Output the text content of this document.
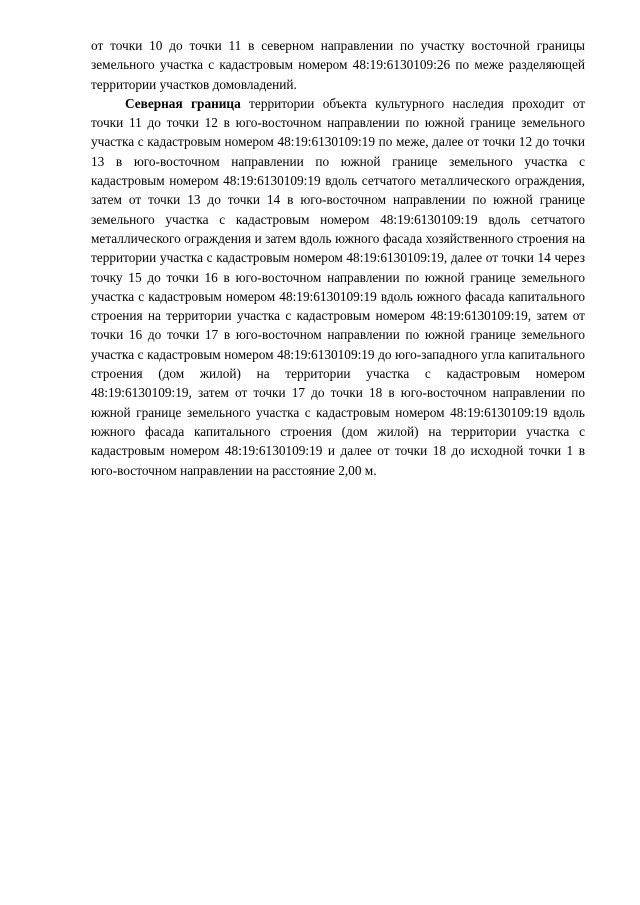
от точки 10 до точки 11 в северном направлении по участку восточной границы земельного участка с кадастровым номером 48:19:6130109:26 по меже разделяющей территории участков домовладений.

Северная граница территории объекта культурного наследия проходит от точки 11 до точки 12 в юго-восточном направлении по южной границе земельного участка с кадастровым номером 48:19:6130109:19 по меже, далее от точки 12 до точки 13 в юго-восточном направлении по южной границе земельного участка с кадастровым номером 48:19:6130109:19 вдоль сетчатого металлического ограждения, затем от точки 13 до точки 14 в юго-восточном направлении по южной границе земельного участка с кадастровым номером 48:19:6130109:19 вдоль сетчатого металлического ограждения и затем вдоль южного фасада хозяйственного строения на территории участка с кадастровым номером 48:19:6130109:19, далее от точки 14 через точку 15 до точки 16 в юго-восточном направлении по южной границе земельного участка с кадастровым номером 48:19:6130109:19 вдоль южного фасада капитального строения на территории участка с кадастровым номером 48:19:6130109:19, затем от точки 16 до точки 17 в юго-восточном направлении по южной границе земельного участка с кадастровым номером 48:19:6130109:19 до юго-западного угла капитального строения (дом жилой) на территории участка с кадастровым номером 48:19:6130109:19, затем от точки 17 до точки 18 в юго-восточном направлении по южной границе земельного участка с кадастровым номером 48:19:6130109:19 вдоль южного фасада капитального строения (дом жилой) на территории участка с кадастровым номером 48:19:6130109:19 и далее от точки 18 до исходной точки 1 в юго-восточном направлении на расстояние 2,00 м.
